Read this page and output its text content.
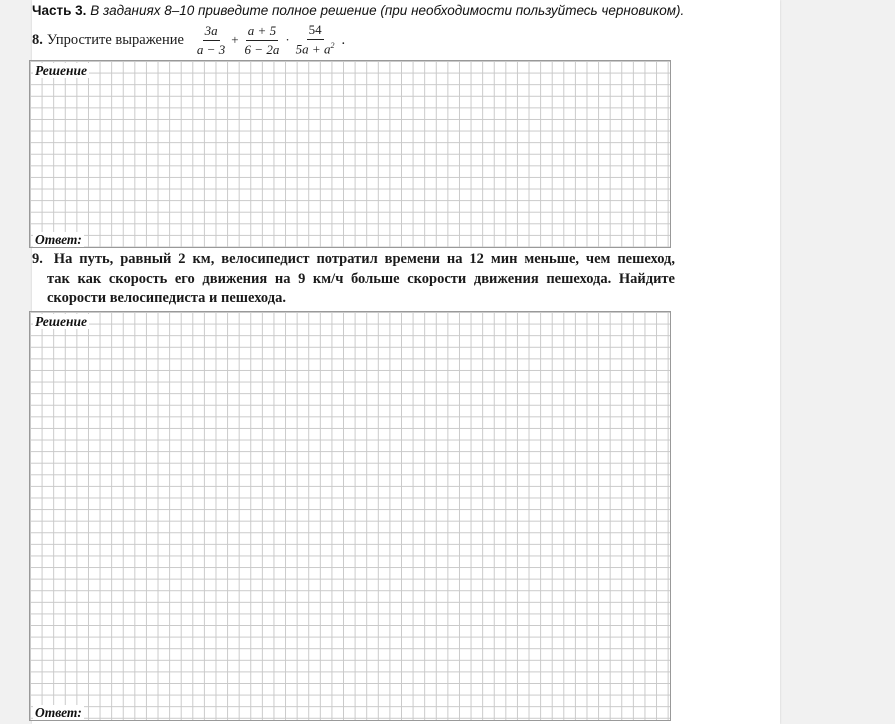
Часть 3. В заданиях 8–10 приведите полное решение (при необходимости пользуйтесь черновиком).
8. Упростите выражение $\frac{3a}{a - 3} + \frac{a + 5}{6 - 2a} \cdot \frac{54}{5a + a^2}$ .
Решение
Ответ:
9. На путь, равный 2 км, велосипедист потратил времени на 12 мин меньше, чем пешеход,
так как скорость его движения на 9 км/ч больше скорости движения пешехода. Найдите
скорости велосипедиста и пешехода.
Решение
Ответ:
